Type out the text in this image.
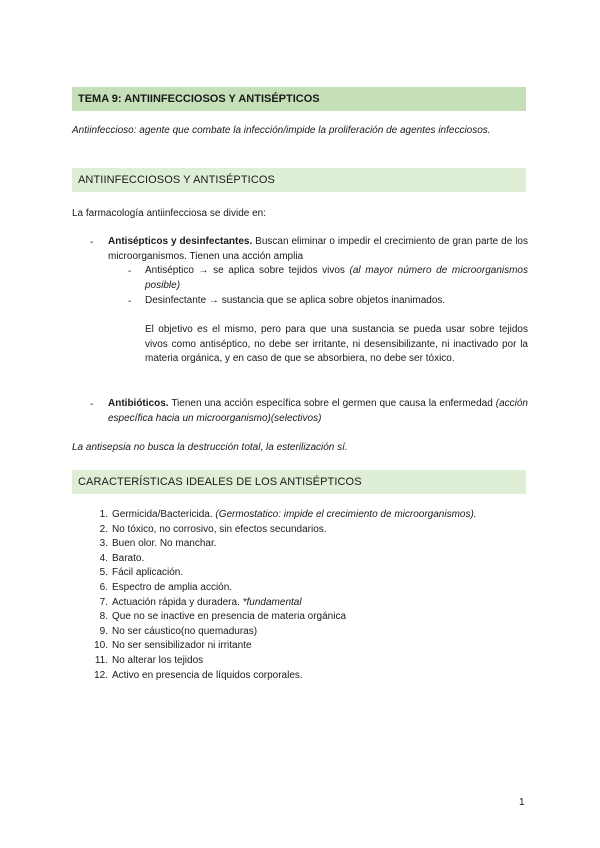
TEMA 9: ANTIINFECCIOSOS Y ANTISÉPTICOS

Antiinfeccioso: agente que combate la infección/impide la proliferación de agentes infecciosos.

ANTIINFECCIOSOS Y ANTISÉPTICOS

La farmacología antiinfecciosa se divide en:

- Antisépticos y desinfectantes. Buscan eliminar o impedir el crecimiento de gran parte de los microorganismos. Tienen una acción amplia

- Antiséptico → se aplica sobre tejidos vivos (al mayor número de microorganismos posible)

- Desinfectante → sustancia que se aplica sobre objetos inanimados.

El objetivo es el mismo, pero para que una sustancia se pueda usar sobre tejidos vivos como antiséptico, no debe ser irritante, ni desensibilizante, ni inactivado por la materia orgánica, y en caso de que se absorbiera, no debe ser tóxico.

- Antibióticos. Tienen una acción específica sobre el germen que causa la enfermedad (acción específica hacia un microorganismo)(selectivos)

La antisepsia no busca la destrucción total, la esterilización sí.

CARACTERÍSTICAS IDEALES DE LOS ANTISÉPTICOS
1. Germicida/Bactericida. (Germostatico: impide el crecimiento de microorganismos).
2. No tóxico, no corrosivo, sin efectos secundarios.
3. Buen olor. No manchar.
4. Barato.
5. Fácil aplicación.
6. Espectro de amplia acción.
7. Actuación rápida y duradera. *fundamental
8. Que no se inactive en presencia de materia orgánica
9. No ser cáustico(no quemaduras)
10. No ser sensibilizador ni irritante
11. No alterar los tejidos
12. Activo en presencia de líquidos corporales.
1
